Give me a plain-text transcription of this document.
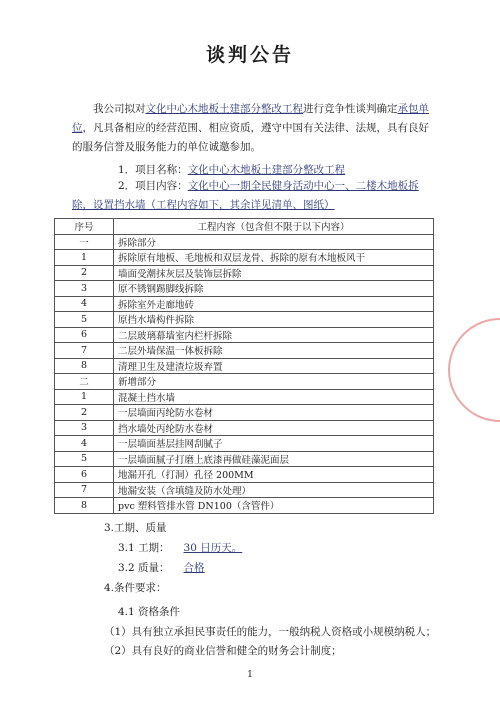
谈判公告
我公司拟对文化中心木地板土建部分整改工程进行竞争性谈判确定承包单位，凡具备相应的经营范围、相应资质，遵守中国有关法律、法规，具有良好的服务信誉及服务能力的单位诚邀参加。
1．项目名称：文化中心木地板土建部分整改工程
2．项目内容：文化中心一期全民健身活动中心一、二楼木地板拆除，设置挡水墙（工程内容如下，其余详见清单、图纸）
序号	工程内容（包含但不限于以下内容）
一	拆除部分
1	拆除原有地板、毛地板和双层龙骨、拆除的原有木地板风干
2	墙面受潮抹灰层及装饰层拆除
3	原不锈钢踢脚线拆除
4	拆除室外走廊地砖
5	原挡水墙构件拆除
6	二层玻璃幕墙室内栏杆拆除
7	二层外墙保温一体板拆除
8	清理卫生及建渣垃圾弃置
二	新增部分
1	混凝土挡水墙
2	一层墙面丙纶防水卷材
3	挡水墙处丙纶防水卷材
4	一层墙面基层挂网刮腻子
5	一层墙面腻子打磨上底漆再做硅藻泥面层
6	地漏开孔（打洞）孔径 200MM
7	地漏安装（含填缝及防水处理）
8	pvc 塑料管排水管 DN100（含管件）
3.工期、质量
3.1 工期： 30 日历天。
3.2 质量： 合格
4.条件要求：
4.1 资格条件
（1）具有独立承担民事责任的能力，一般纳税人资格或小规模纳税人；
（2）具有良好的商业信誉和健全的财务会计制度；
1
